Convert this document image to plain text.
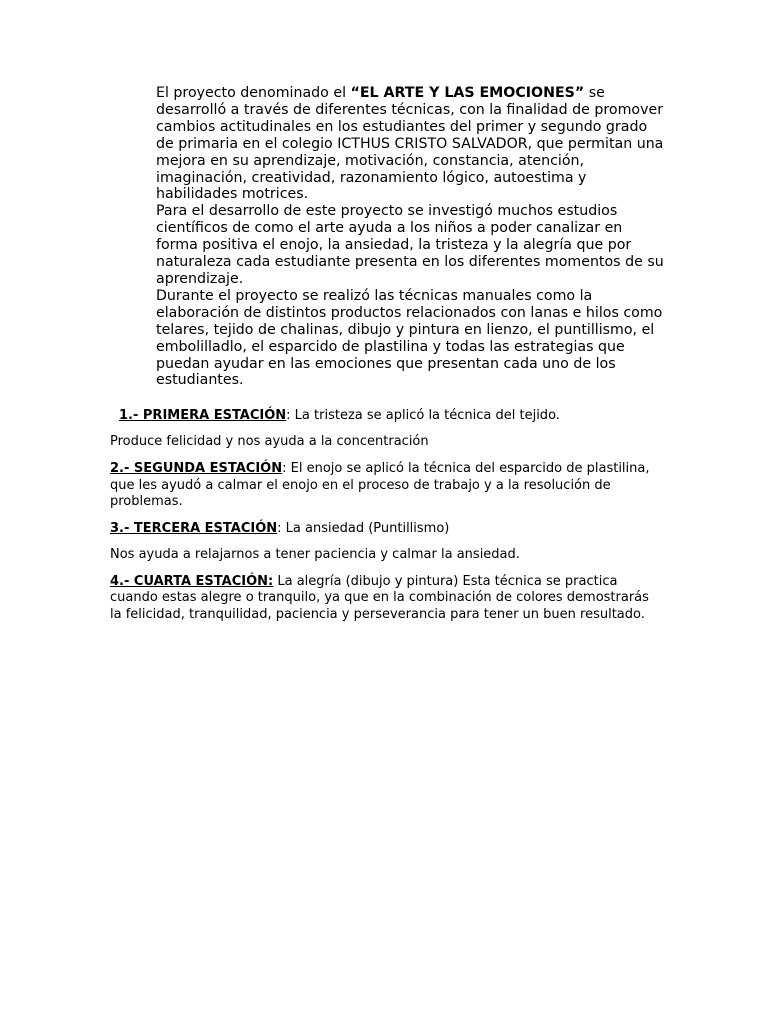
El proyecto denominado el “EL ARTE Y LAS EMOCIONES” se desarrolló a través de diferentes técnicas, con la finalidad de promover cambios actitudinales en los estudiantes del primer y segundo grado de primaria en el colegio ICTHUS CRISTO SALVADOR, que permitan una mejora en su aprendizaje, motivación, constancia, atención, imaginación, creatividad, razonamiento lógico, autoestima y habilidades motrices.

Para el desarrollo de este proyecto se investigó muchos estudios científicos de como el arte ayuda a los niños a poder canalizar en forma positiva el enojo, la ansiedad, la tristeza y la alegría que por naturaleza cada estudiante presenta en los diferentes momentos de su aprendizaje.

Durante el proyecto se realizó las técnicas manuales como la elaboración de distintos productos relacionados con lanas e hilos como telares, tejido de chalinas, dibujo y pintura en lienzo, el puntillismo, el embolilladlo, el esparcido de plastilina y todas las estrategias que puedan ayudar en las emociones que presentan cada uno de los estudiantes.

1.- PRIMERA ESTACIÓN: La tristeza se aplicó la técnica del tejido.

Produce felicidad y nos ayuda a la concentración

2.- SEGUNDA ESTACIÓN: El enojo se aplicó la técnica del esparcido de plastilina, que les ayudó a calmar el enojo en el proceso de trabajo y a la resolución de problemas.

3.- TERCERA ESTACIÓN: La ansiedad (Puntillismo)

Nos ayuda a relajarnos a tener paciencia y calmar la ansiedad.

4.- CUARTA ESTACIÓN: La alegría (dibujo y pintura) Esta técnica se practica cuando estas alegre o tranquilo, ya que en la combinación de colores demostrarás la felicidad, tranquilidad, paciencia y perseverancia para tener un buen resultado.
